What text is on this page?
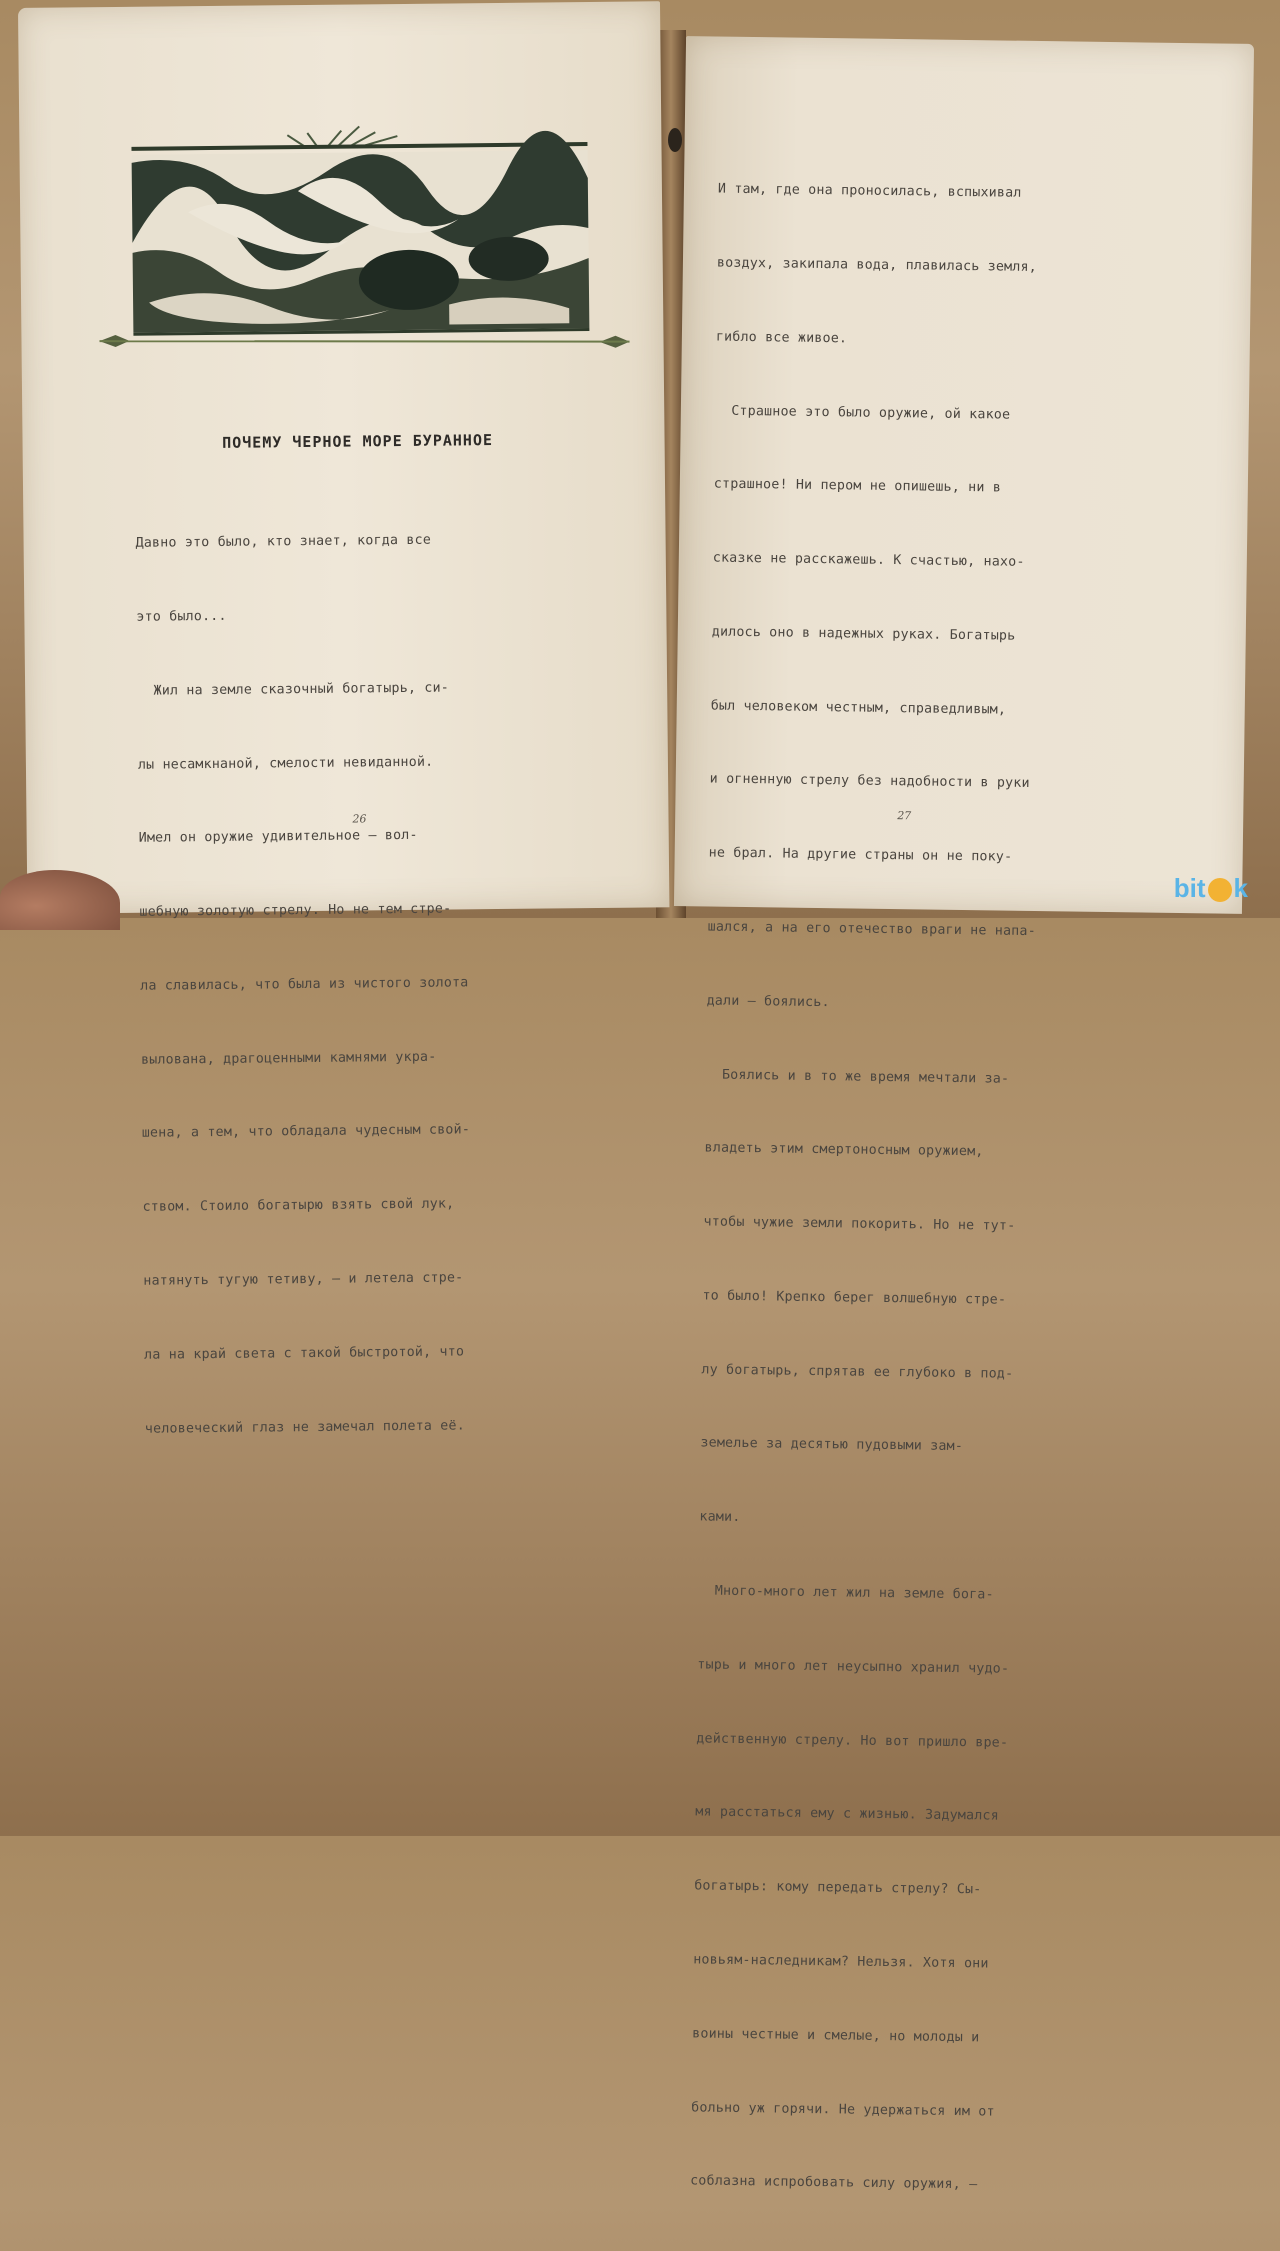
ПОЧЕМУ ЧЕРНОЕ МОРЕ БУРАННОЕ

Давно это было, кто знает, когда все

это было...

Жил на земле сказочный богатырь, си-

лы несамкнаной, смелости невиданной.

Имел он оружие удивительное — вол-

шебную золотую стрелу. Но не тем стре-

ла славилась, что была из чистого золота

вылована, драгоценными камнями укра-

шена, а тем, что обладала чудесным свой-

ством. Стоило богатырю взять свой лук,

натянуть тугую тетиву, — и летела стре-

ла на край света с такой быстротой, что

человеческий глаз не замечал полета её.

26

И там, где она проносилась, вспыхивал

воздух, закипала вода, плавилась земля,

гибло все живое.

Страшное это было оружие, ой какое

страшное! Ни пером не опишешь, ни в

сказке не расскажешь. К счастью, нахо-

дилось оно в надежных руках. Богатырь

был человеком честным, справедливым,

и огненную стрелу без надобности в руки

не брал. На другие страны он не поку-

шался, а на его отечество враги не напа-

дали — боялись.

Боялись и в то же время мечтали за-

владеть этим смертоносным оружием,

чтобы чужие земли покорить. Но не тут-

то было! Крепко берег волшебную стре-

лу богатырь, спрятав ее глубоко в под-

земелье за десятью пудовыми зам-

ками.

Много-много лет жил на земле бога-

тырь и много лет неусыпно хранил чудо-

действенную стрелу. Но вот пришло вре-

мя расстаться ему с жизнью. Задумался

богатырь: кому передать стрелу? Сы-

новьям-наследникам? Нельзя. Хотя они

воины честные и смелые, но молоды и

больно уж горячи. Не удержаться им от

соблазна испробовать силу оружия, —

27
bit k
